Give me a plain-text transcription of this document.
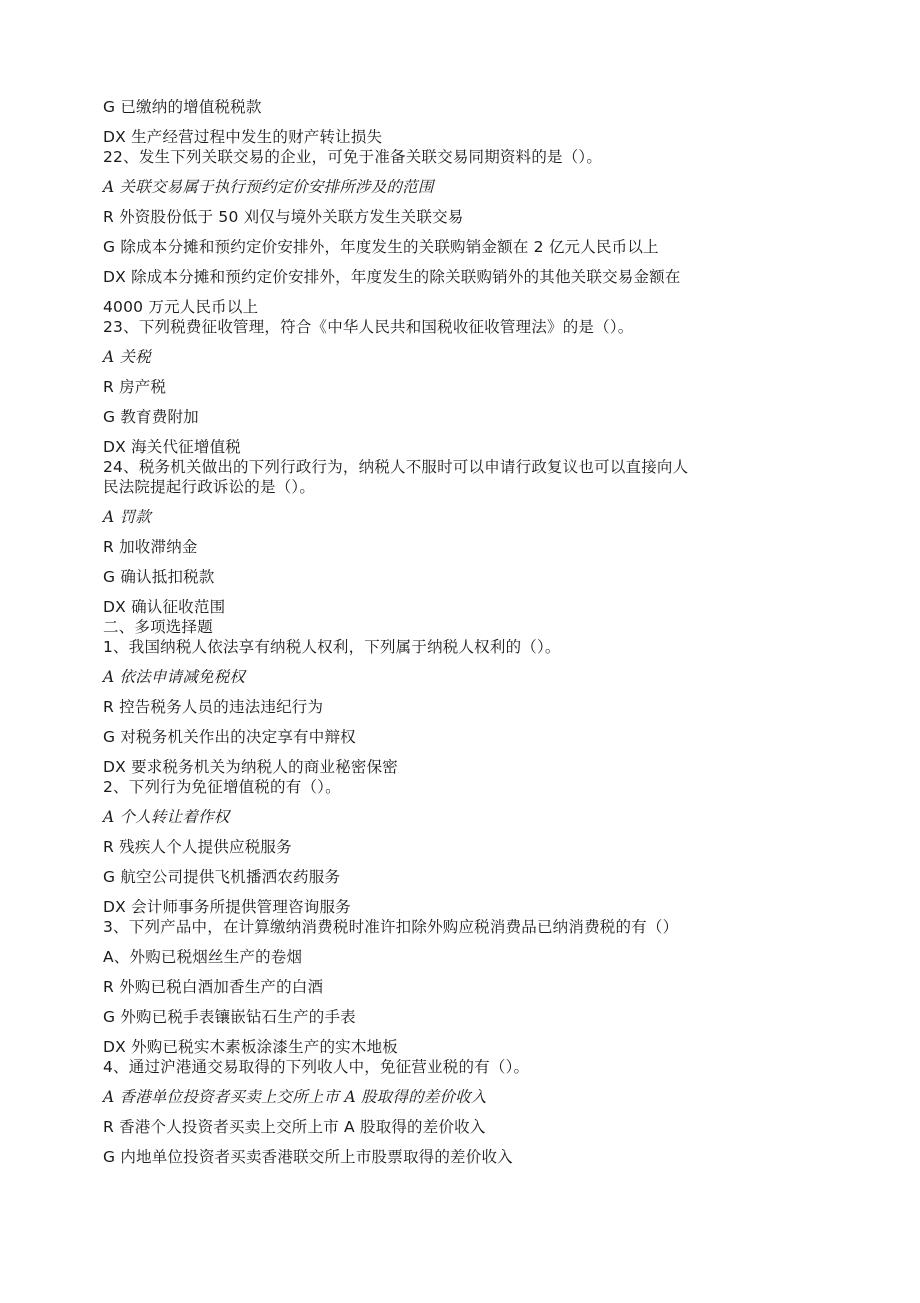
G 已缴纳的增值税税款
DX 生产经营过程中发生的财产转让损失
22、发生下列关联交易的企业，可免于准备关联交易同期资料的是（）。
A 关联交易属于执行预约定价安排所涉及的范围
R 外资股份低于 50 刈仅与境外关联方发生关联交易
G 除成本分摊和预约定价安排外，年度发生的关联购销金额在 2 亿元人民币以上
DX 除成本分摊和预约定价安排外，年度发生的除关联购销外的其他关联交易金额在
4000 万元人民币以上
23、下列税费征收管理，符合《中华人民共和国税收征收管理法》的是（）。
A 关税
R 房产税
G 教育费附加
DX 海关代征增值税
24、税务机关做出的下列行政行为，纳税人不服时可以申请行政复议也可以直接向人
民法院提起行政诉讼的是（）。
A 罚款
R 加收滞纳金
G 确认抵扣税款
DX 确认征收范围
二、多项选择题
1、我国纳税人依法享有纳税人权利，下列属于纳税人权利的（）。
A 依法申请减免税权
R 控告税务人员的违法违纪行为
G 对税务机关作出的决定享有中辩权
DX 要求税务机关为纳税人的商业秘密保密
2、下列行为免征增值税的有（）。
A 个人转让着作权
R 残疾人个人提供应税服务
G 航空公司提供飞机播洒农药服务
DX 会计师事务所提供管理咨询服务
3、下列产品中，在计算缴纳消费税时准许扣除外购应税消费品已纳消费税的有（）
A、外购已税烟丝生产的卷烟
R 外购已税白酒加香生产的白酒
G 外购已税手表镶嵌钻石生产的手表
DX 外购已税实木素板涂漆生产的实木地板
4、通过沪港通交易取得的下列收人中，免征营业税的有（）。
A 香港单位投资者买卖上交所上市 A 股取得的差价收入
R 香港个人投资者买卖上交所上市 A 股取得的差价收入
G 内地单位投资者买卖香港联交所上市股票取得的差价收入
